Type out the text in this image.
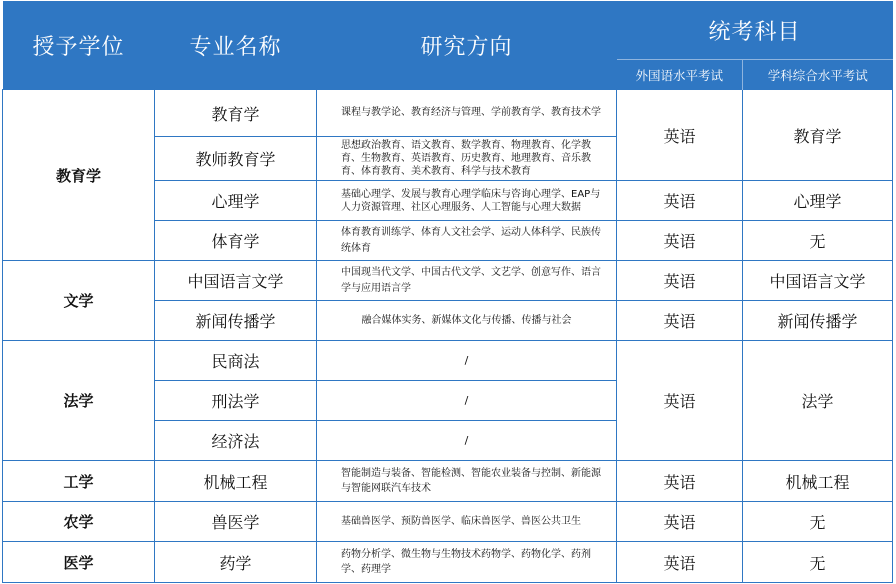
授予学位	专业名称	研究方向	统考科目	
			外国语水平考试	学科综合水平考试
教育学	教育学	课程与教学论、教育经济与管理、学前教育学、教育技术学	英语	教育学
	教师教育学	思想政治教育、语文教育、数学教育、物理教育、化学教育、生物教育、英语教育、历史教育、地理教育、音乐教育、体育教育、美术教育、科学与技术教育		
	心理学	基础心理学、发展与教育心理学临床与咨询心理学、EAP与人力资源管理、社区心理服务、人工智能与心理大数据	英语	心理学
	体育学	体育教育训练学、体育人文社会学、运动人体科学、民族传统体育	英语	无
文学	中国语言文学	中国现当代文学、中国古代文学、文艺学、创意写作、语言学与应用语言学	英语	中国语言文学
	新闻传播学	融合媒体实务、新媒体文化与传播、传播与社会	英语	新闻传播学
法学	民商法	/	英语	法学
	刑法学	/		
	经济法	/		
工学	机械工程	智能制造与装备、智能检测、智能农业装备与控制、新能源与智能网联汽车技术	英语	机械工程
农学	兽医学	基础兽医学、预防兽医学、临床兽医学、兽医公共卫生	英语	无
医学	药学	药物分析学、微生物与生物技术药物学、药物化学、药剂学、药理学	英语	无
